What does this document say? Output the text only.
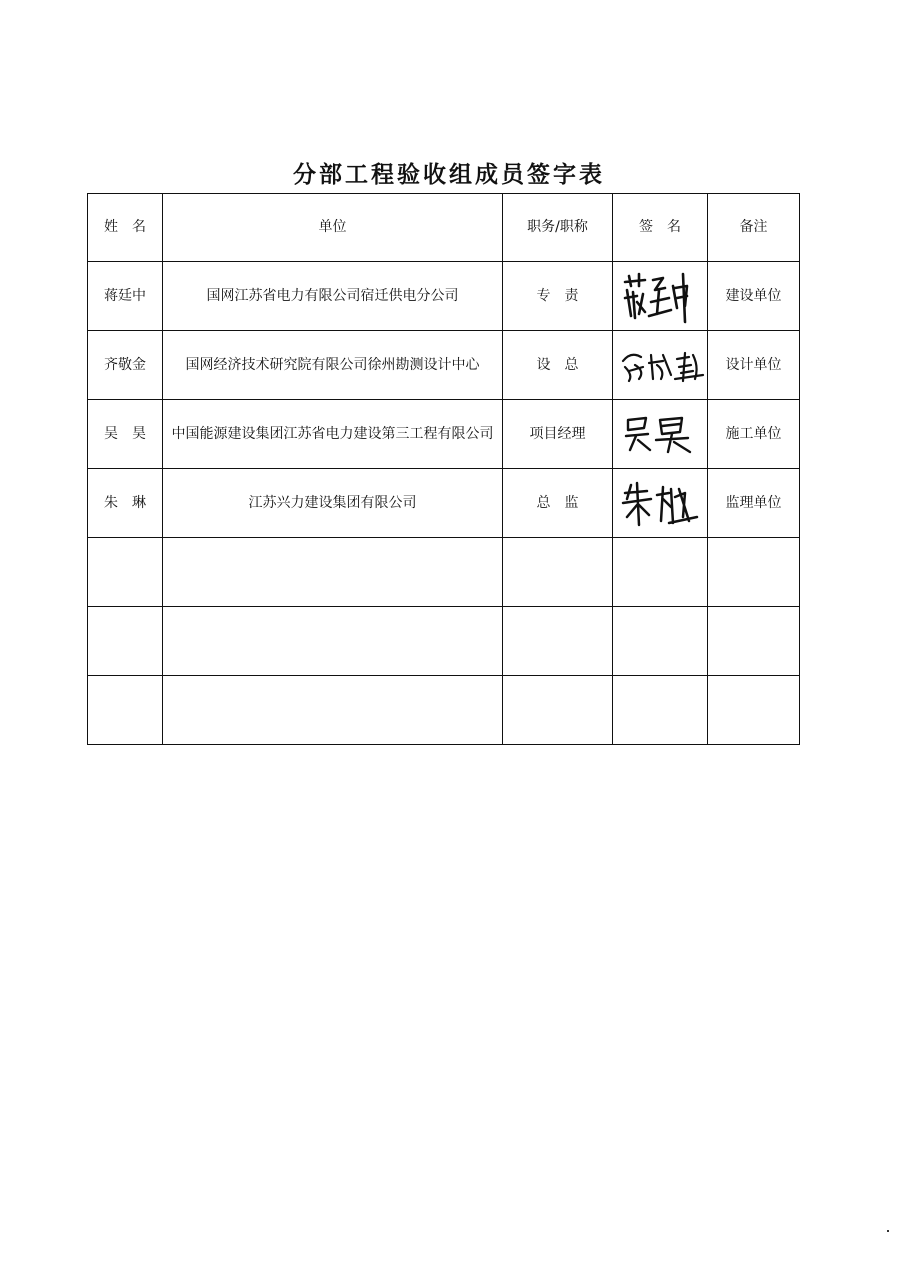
分部工程验收组成员签字表
姓　名	单位	职务/职称	签　名	备注
蒋廷中	国网江苏省电力有限公司宿迁供电分公司	专　责		建设单位
齐敬金	国网经济技术研究院有限公司徐州勘测设计中心	设　总		设计单位
吴　昊	中国能源建设集团江苏省电力建设第三工程有限公司	项目经理		施工单位
朱　琳	江苏兴力建设集团有限公司	总　监		监理单位
